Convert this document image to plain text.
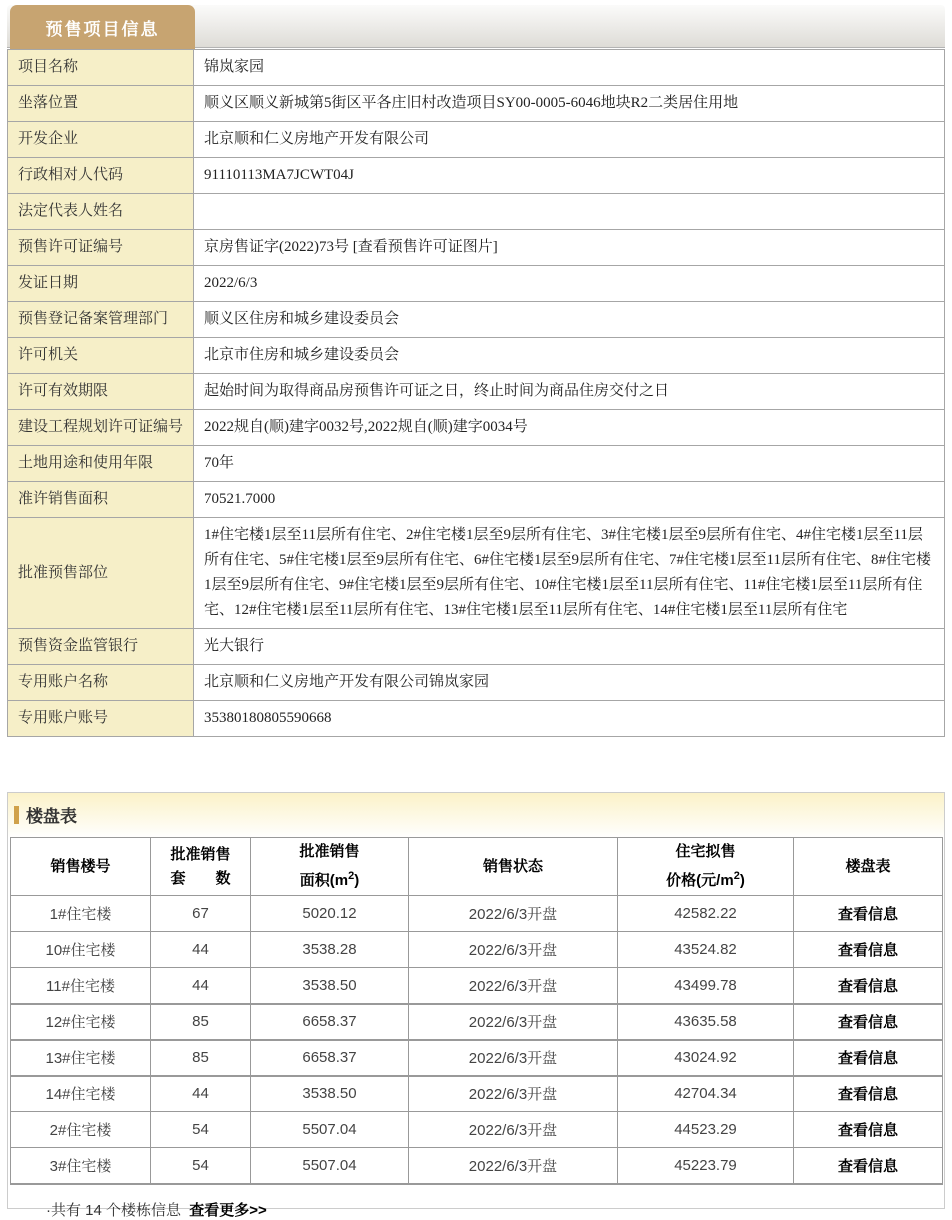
预售项目信息
项目名称	锦岚家园
坐落位置	顺义区顺义新城第5街区平各庄旧村改造项目SY00-0005-6046地块R2二类居住用地
开发企业	北京顺和仁义房地产开发有限公司
行政相对人代码	91110113MA7JCWT04J
法定代表人姓名	
预售许可证编号	京房售证字(2022)73号 [查看预售许可证图片]
发证日期	2022/6/3
预售登记备案管理部门	顺义区住房和城乡建设委员会
许可机关	北京市住房和城乡建设委员会
许可有效期限	起始时间为取得商品房预售许可证之日，终止时间为商品住房交付之日
建设工程规划许可证编号	2022规自(顺)建字0032号,2022规自(顺)建字0034号
土地用途和使用年限	70年
准许销售面积	70521.7000
批准预售部位	1#住宅楼1层至11层所有住宅、2#住宅楼1层至9层所有住宅、3#住宅楼1层至9层所有住宅、4#住宅楼1层至11层所有住宅、5#住宅楼1层至9层所有住宅、6#住宅楼1层至9层所有住宅、7#住宅楼1层至11层所有住宅、8#住宅楼1层至9层所有住宅、9#住宅楼1层至9层所有住宅、10#住宅楼1层至11层所有住宅、11#住宅楼1层至11层所有住宅、12#住宅楼1层至11层所有住宅、13#住宅楼1层至11层所有住宅、14#住宅楼1层至11层所有住宅
预售资金监管银行	光大银行
专用账户名称	北京顺和仁义房地产开发有限公司锦岚家园
专用账户账号	35380180805590668
楼盘表
销售楼号

批准销售
套　　数

批准销售
面积$(m^2)$

销售状态

住宅拟售
价格(元$/m^2$)

楼盘表

1#住宅楼	67	5020.12	2022/6/3开盘	42582.22	查看信息
10#住宅楼	44	3538.28	2022/6/3开盘	43524.82	查看信息
11#住宅楼	44	3538.50	2022/6/3开盘	43499.78	查看信息
12#住宅楼	85	6658.37	2022/6/3开盘	43635.58	查看信息
13#住宅楼	85	6658.37	2022/6/3开盘	43024.92	查看信息
14#住宅楼	44	3538.50	2022/6/3开盘	42704.34	查看信息
2#住宅楼	54	5507.04	2022/6/3开盘	44523.29	查看信息
3#住宅楼	54	5507.04	2022/6/3开盘	45223.79	查看信息
·共有 14 个楼栋信息 查看更多>>
